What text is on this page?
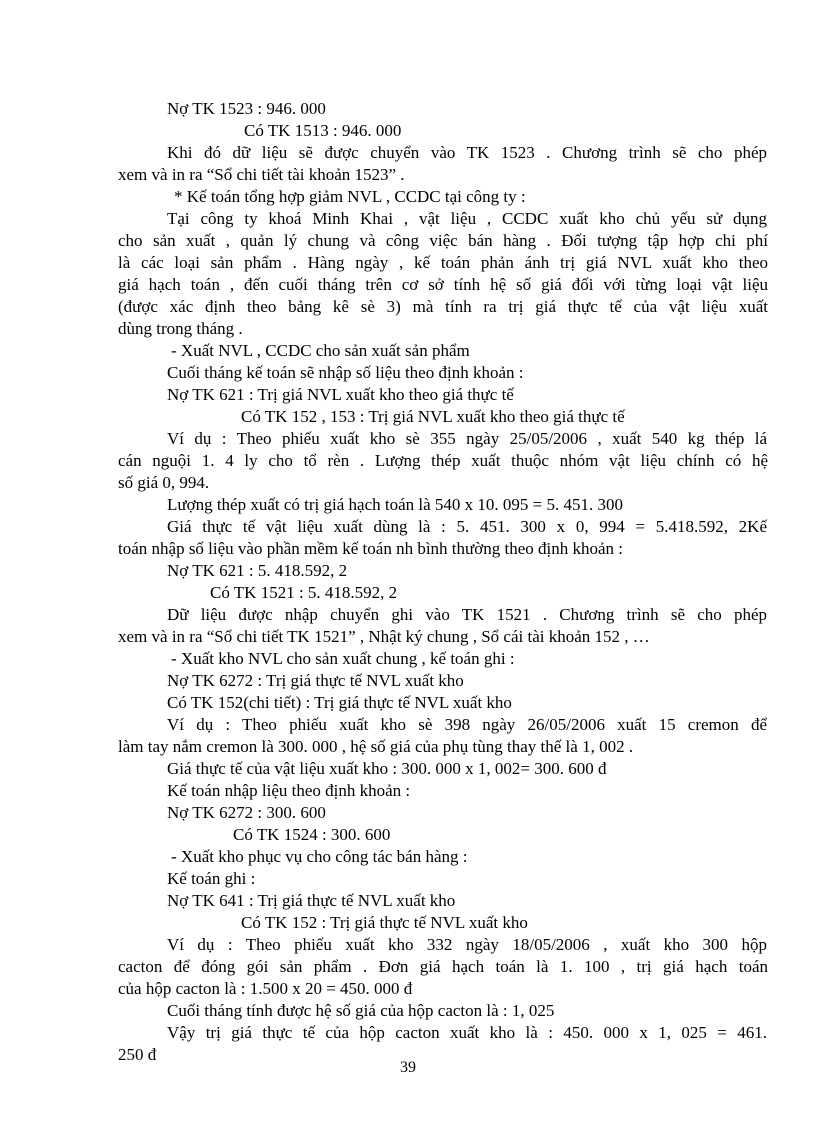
Nợ TK 1523 : 946. 000
Có TK 1513 : 946. 000
Khi đó dữ liệu sẽ được chuyển vào TK 1523 . Chương trình sẽ cho phép
xem và in ra “Sổ chi tiết tài khoản 1523” .
* Kế toán tổng hợp giảm NVL , CCDC tại công ty :
Tại công ty khoá Minh Khai , vật liệu , CCDC xuất kho chủ yếu sử dụng
cho sản xuất , quản lý chung và công việc bán hàng . Đối tượng tập hợp chi phí
là các loại sản phẩm . Hàng ngày , kế toán phản ánh trị giá NVL xuất kho theo
giá hạch toán , đến cuối tháng trên cơ sở tính hệ số giá đối với từng loại vật liệu
(được xác định theo bảng kê sè 3) mà tính ra trị giá thực tế của vật liệu xuất
dùng trong tháng .
- Xuất NVL , CCDC cho sản xuất sản phẩm
Cuối tháng kế toán sẽ nhập số liệu theo định khoản :
Nợ TK 621 : Trị giá NVL xuất kho theo giá thực tế
Có TK 152 , 153 : Trị giá NVL xuất kho theo giá thực tế
Ví dụ : Theo phiếu xuất kho sè 355 ngày 25/05/2006 , xuất 540 kg thép lá
cán nguội 1. 4 ly cho tổ rèn . Lượng thép xuất thuộc nhóm vật liệu chính có hệ
số giá 0, 994.
Lượng thép xuất có trị giá hạch toán là 540 x 10. 095 = 5. 451. 300
Giá thực tế vật liệu xuất dùng là : 5. 451. 300 x 0, 994 = 5.418.592, 2Kế
toán nhập số liệu vào phần mềm kế toán nh bình thường theo định khoản :
Nợ TK 621 : 5. 418.592, 2
Có TK 1521 : 5. 418.592, 2
Dữ liệu được nhập chuyển ghi vào TK 1521 . Chương trình sẽ cho phép
xem và in ra “Sổ chi tiết TK 1521” , Nhật ký chung , Sổ cái tài khoản 152 , …
- Xuất kho NVL cho sản xuất chung , kế toán ghi :
Nợ TK 6272 : Trị giá thực tế NVL xuất kho
Có TK 152(chi tiết) : Trị giá thực tế NVL xuất kho
Ví dụ : Theo phiếu xuất kho sè 398 ngày 26/05/2006 xuất 15 cremon để
làm tay nắm cremon là 300. 000 , hệ số giá của phụ tùng thay thế là 1, 002 .
Giá thực tế của vật liệu xuất kho : 300. 000 x 1, 002= 300. 600 đ
Kế toán nhập liệu theo định khoản :
Nợ TK 6272 : 300. 600
Có TK 1524 : 300. 600
- Xuất kho phục vụ cho công tác bán hàng :
Kế toán ghi :
Nợ TK 641 : Trị giá thực tế NVL xuất kho
Có TK 152 : Trị giá thực tế NVL xuất kho
Ví dụ : Theo phiếu xuất kho 332 ngày 18/05/2006 , xuất kho 300 hộp
cacton để đóng gói sản phẩm . Đơn giá hạch toán là 1. 100 , trị giá hạch toán
của hộp cacton là : 1.500 x 20 = 450. 000 đ
Cuối tháng tính được hệ số giá của hộp cacton là : 1, 025
Vậy trị giá thực tế của hộp cacton xuất kho là : 450. 000 x 1, 025 = 461.
250 đ
39
